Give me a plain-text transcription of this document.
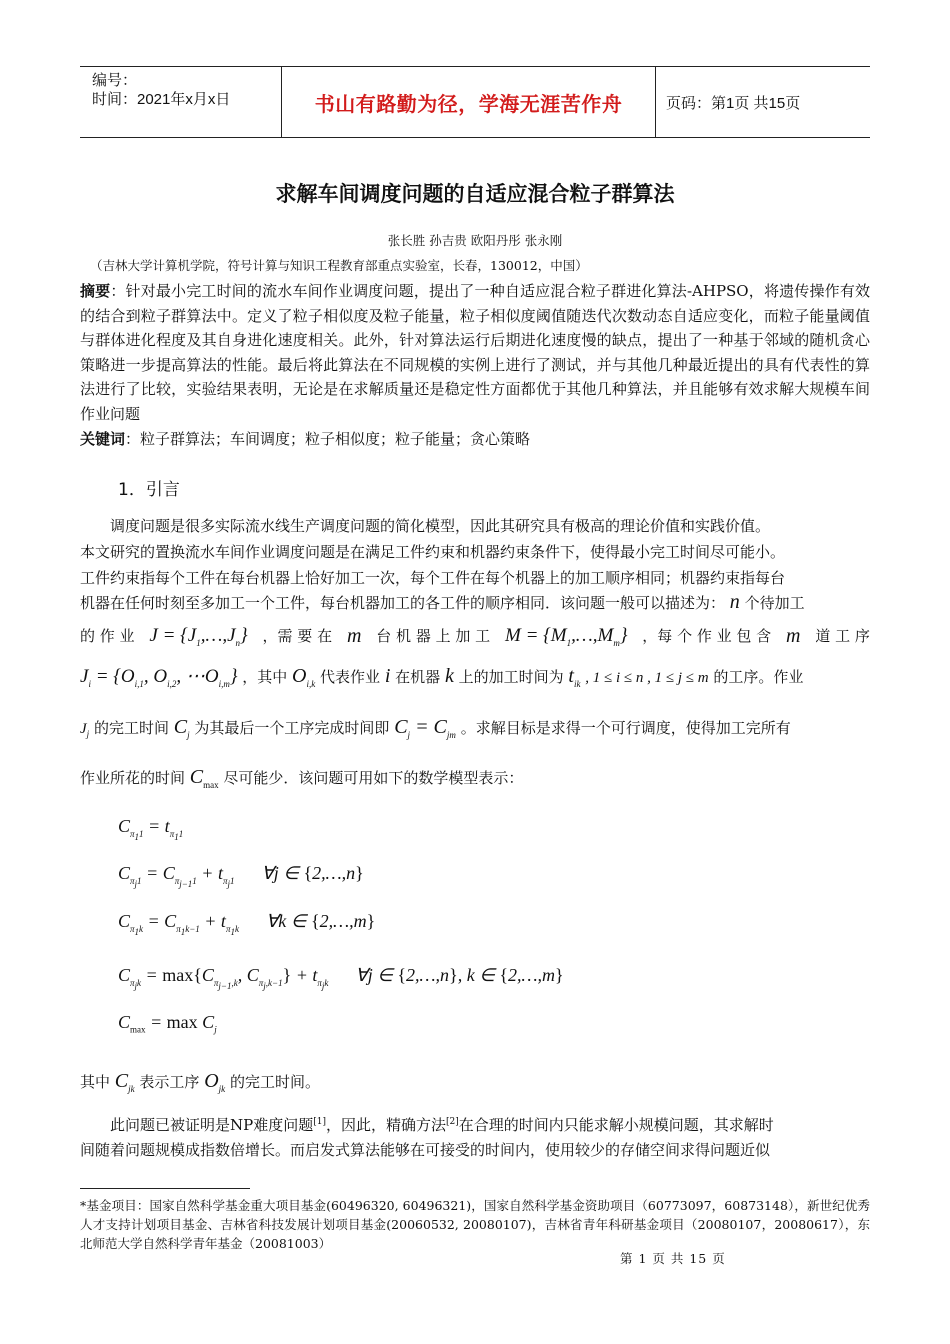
编号：
时间：2021年x月x日	书山有路勤为径，学海无涯苦作舟	页码：第1页 共15页
求解车间调度问题的自适应混合粒子群算法
张长胜 孙吉贵 欧阳丹彤 张永刚
（吉林大学计算机学院，符号计算与知识工程教育部重点实验室，长春，130012，中国）
摘要：针对最小完工时间的流水车间作业调度问题，提出了一种自适应混合粒子群进化算法-AHPSO，将遗传操作有效的结合到粒子群算法中。定义了粒子相似度及粒子能量，粒子相似度阈值随迭代次数动态自适应变化，而粒子能量阈值与群体进化程度及其自身进化速度相关。此外，针对算法运行后期进化速度慢的缺点，提出了一种基于邻域的随机贪心策略进一步提高算法的性能。最后将此算法在不同规模的实例上进行了测试，并与其他几种最近提出的具有代表性的算法进行了比较，实验结果表明，无论是在求解质量还是稳定性方面都优于其他几种算法，并且能够有效求解大规模车间作业问题
关键词：粒子群算法；车间调度；粒子相似度；粒子能量；贪心策略
1．引言
调度问题是很多实际流水线生产调度问题的简化模型，因此其研究具有极高的理论价值和实践价值。
本文研究的置换流水车间作业调度问题是在满足工件约束和机器约束条件下，使得最小完工时间尽可能小。
工件约束指每个工件在每台机器上恰好加工一次，每个工件在每个机器上的加工顺序相同；机器约束指每台
机器在任何时刻至多加工一个工件，每台机器加工的各工件的顺序相同．该问题一般可以描述为： n 个待加工
的 作 业 $J = \{J_1,\dots,J_n\}$ ，需 要 在 m 台 机 器 上 加 工 $M = \{M_1,\dots,M_m\}$ ，每 个 作 业 包 含 m 道 工 序
$J_i = \{O_{i,1}$, $O_{i,2}$, $\cdots O_{i,m}$} ，其中 $O_{i,k}$ 代表作业 i 在机器 k 上的加工时间为 $t_{ik}$ , 1 ≤ i ≤ n , 1 ≤ j ≤ m 的工序。作业
$J_j$ 的完工时间 $C_j$ 为其最后一个工序完成时间即 $C_j = C_{jm}$ 。求解目标是求得一个可行调度，使得加工完所有
作业所花的时间 $C_{max}$ 尽可能少．该问题可用如下的数学模型表示：
$C_{\pi_11} = t_{\pi_11}$
$C_{\pi_j1} = C_{\pi_{j-1}1} + t_{\pi_j1}$      ∀j ∈ {2,…,n}
$C_{\pi_1k} = C_{\pi_1k-1} + t_{\pi_1k}$      ∀k ∈ {2,…,m}
$C_{\pi_jk} = \max\{C_{\pi_{j-1},k}$, $C_{\pi_j,k-1}\} + t_{\pi_jk}$      ∀j ∈ {2,…,n}, k ∈ {2,…,m}
$C_{max} = \max C_j$
其中 $C_{jk}$ 表示工序 $O_{jk}$ 的完工时间。
此问题已被证明是NP难度问题[1]，因此，精确方法[2]在合理的时间内只能求解小规模问题，其求解时
间随着问题规模成指数倍增长。而启发式算法能够在可接受的时间内，使用较少的存储空间求得问题近似
*基金项目：国家自然科学基金重大项目基金(60496320, 60496321)，国家自然科学基金资助项目（60773097，60873148），新世纪优秀人才支持计划项目基金、吉林省科技发展计划项目基金(20060532, 20080107)，吉林省青年科研基金项目（20080107，20080617），东北师范大学自然科学青年基金（20081003）
第 1 页 共 15 页
